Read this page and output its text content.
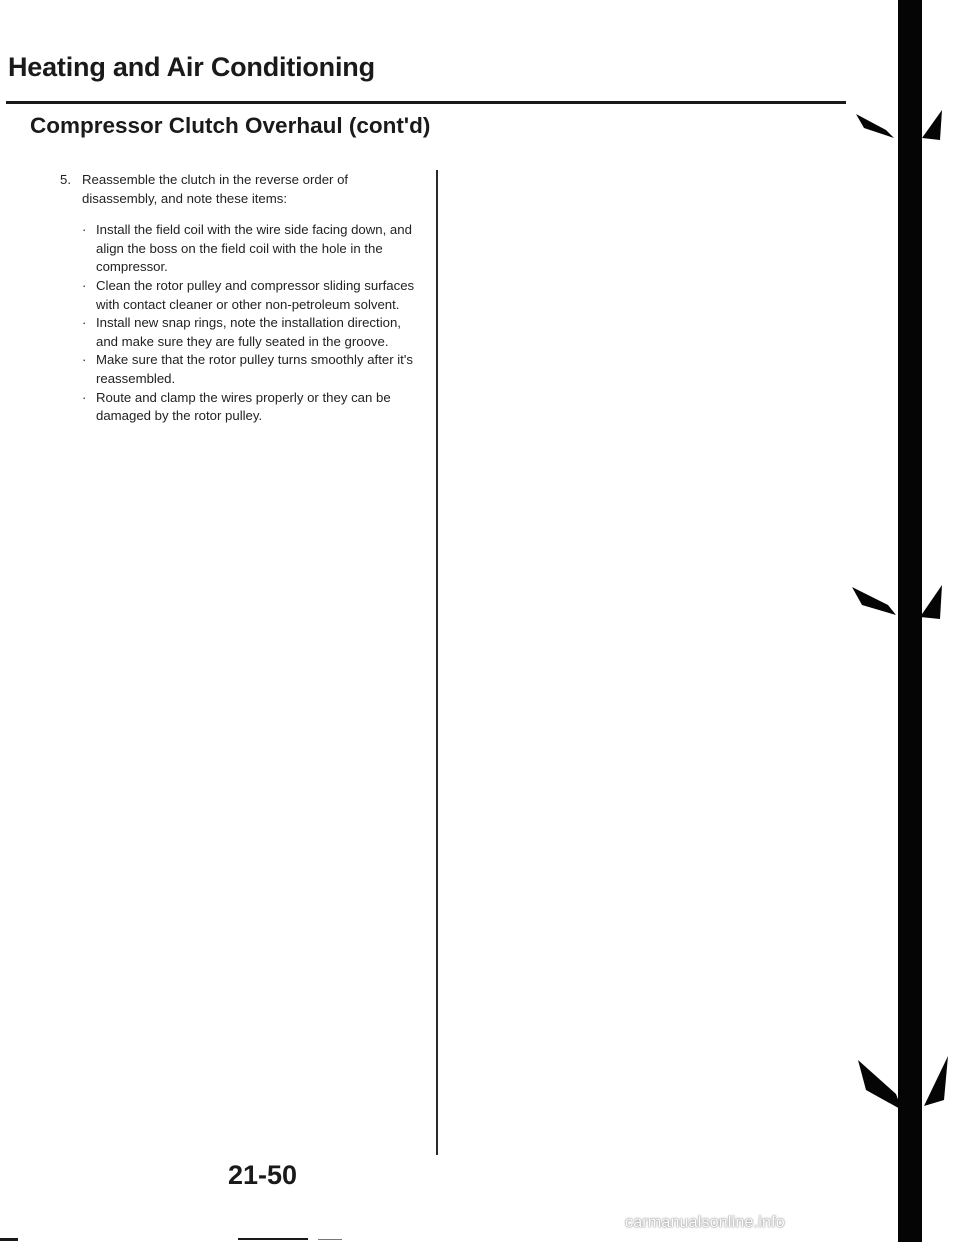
Heating and Air Conditioning
Compressor Clutch Overhaul (cont'd)
5. Reassemble the clutch in the reverse order of disassembly, and note these items:
· Install the field coil with the wire side facing down, and align the boss on the field coil with the hole in the compressor.
· Clean the rotor pulley and compressor sliding surfaces with contact cleaner or other non-petroleum solvent.
· Install new snap rings, note the installation direction, and make sure they are fully seated in the groove.
· Make sure that the rotor pulley turns smoothly after it's reassembled.
· Route and clamp the wires properly or they can be damaged by the rotor pulley.
21-50
carmanualsonline.info
